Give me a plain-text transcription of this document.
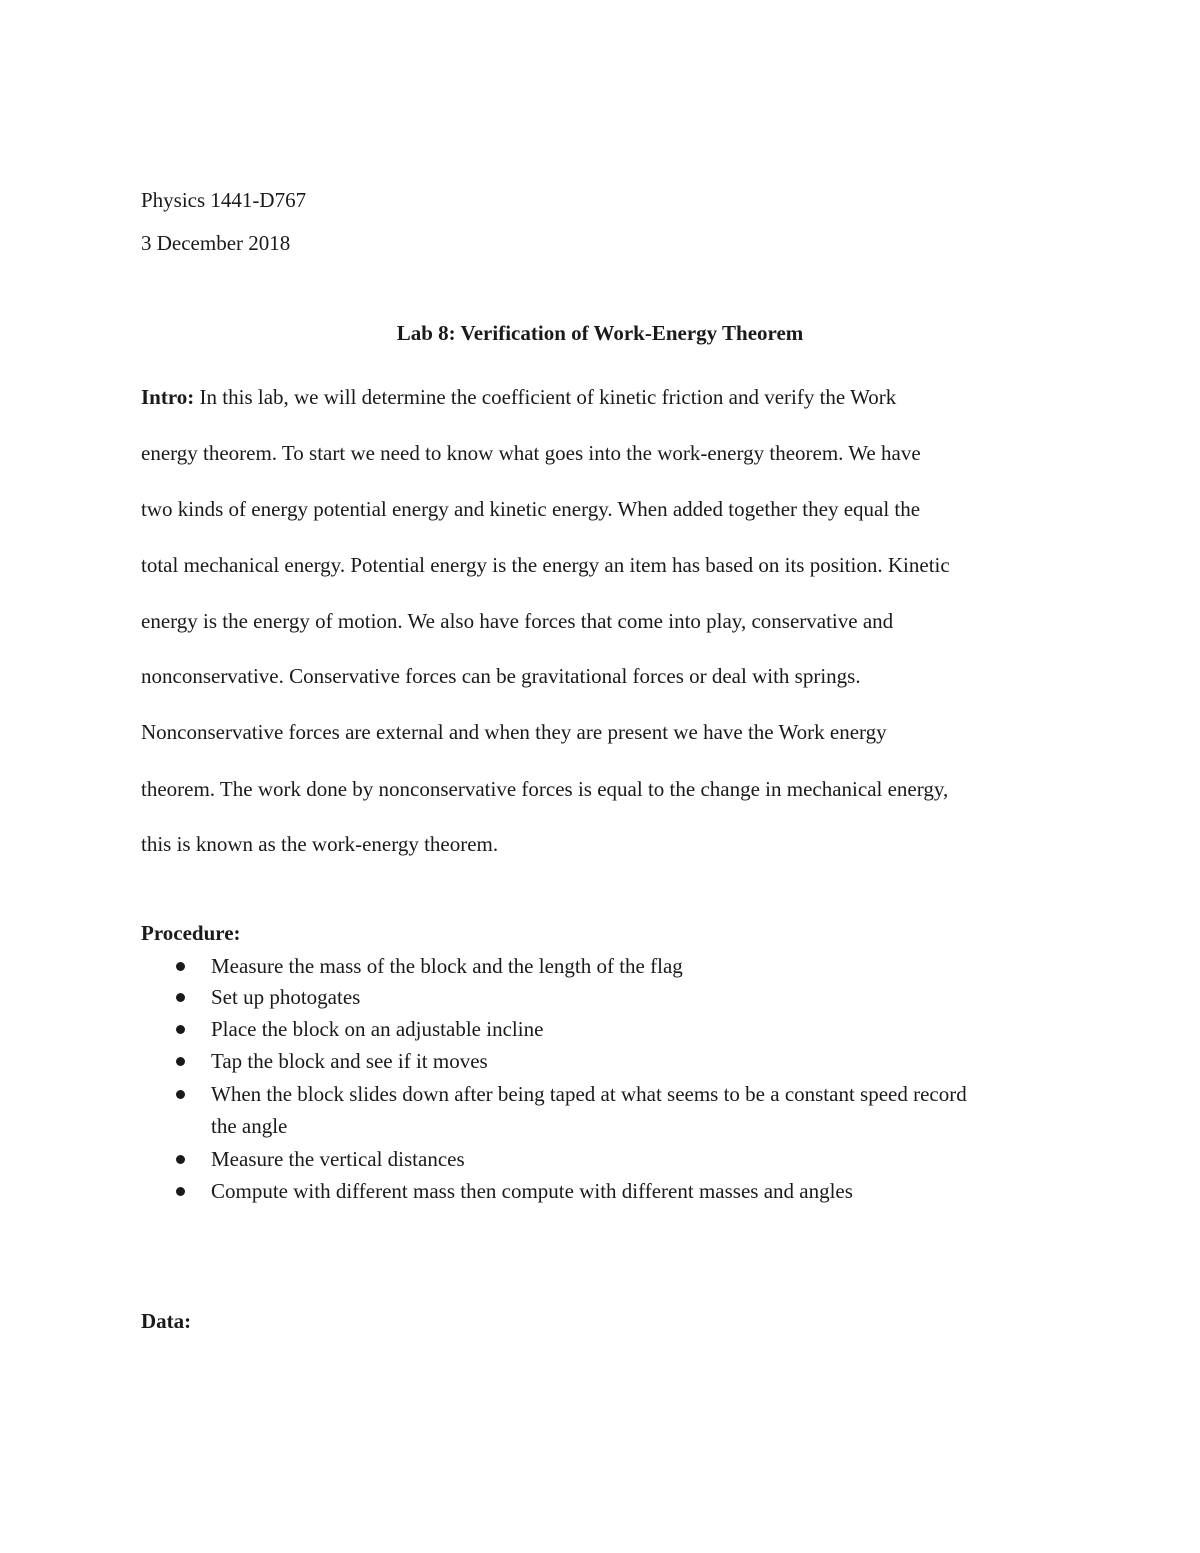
Physics 1441-D767
3 December 2018
Lab 8: Verification of Work-Energy Theorem
Intro: In this lab, we will determine the coefficient of kinetic friction and verify the Work
energy theorem. To start we need to know what goes into the work-energy theorem. We have
two kinds of energy potential energy and kinetic energy. When added together they equal the
total mechanical energy. Potential energy is the energy an item has based on its position. Kinetic
energy is the energy of motion. We also have forces that come into play, conservative and
nonconservative. Conservative forces can be gravitational forces or deal with springs.
Nonconservative forces are external and when they are present we have the Work energy
theorem. The work done by nonconservative forces is equal to the change in mechanical energy,
this is known as the work-energy theorem.
Procedure:
Measure the mass of the block and the length of the flag
Set up photogates
Place the block on an adjustable incline
Tap the block and see if it moves
When the block slides down after being taped at what seems to be a constant speed record
the angle
Measure the vertical distances
Compute with different mass then compute with different masses and angles
Data:
